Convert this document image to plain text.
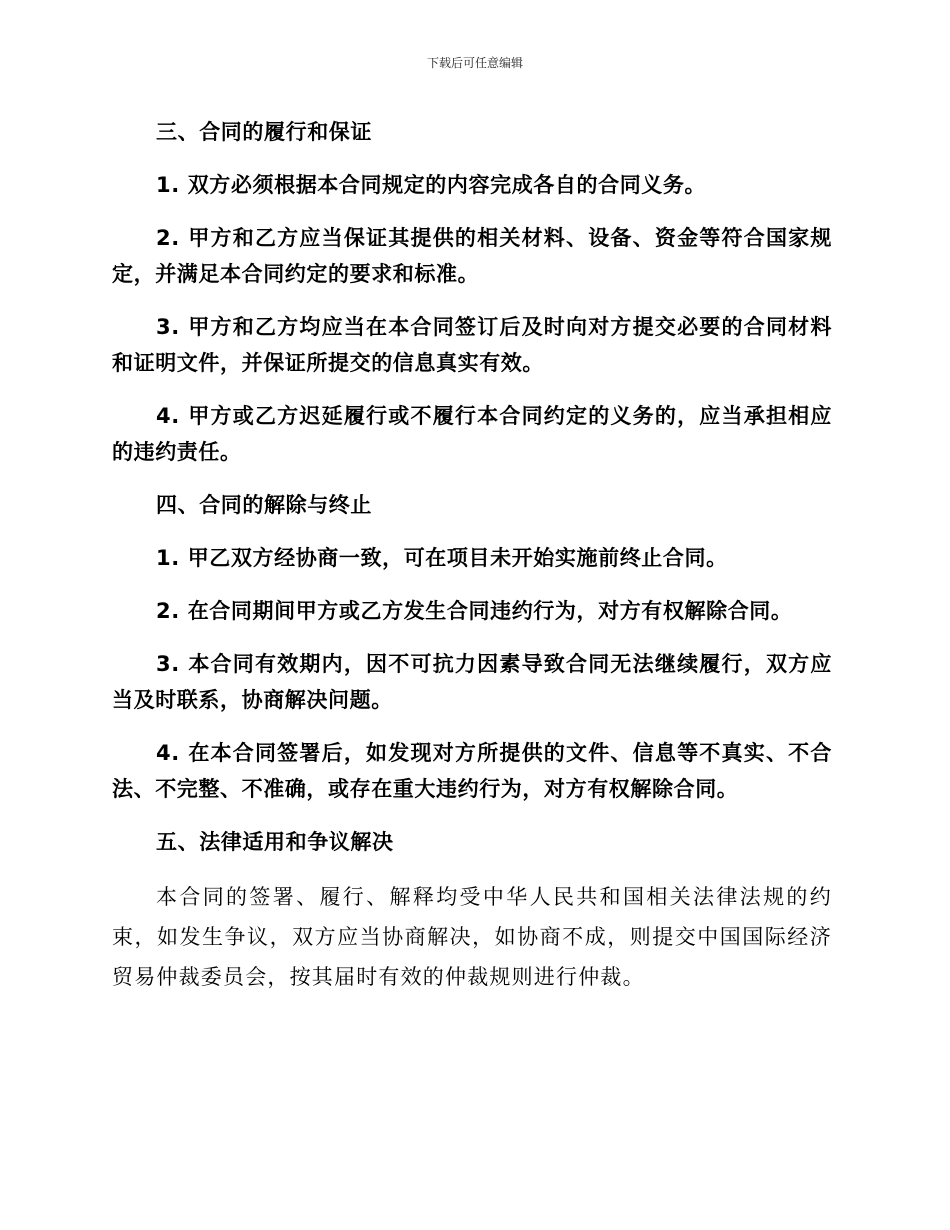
下载后可任意编辑

三、合同的履行和保证

1. 双方必须根据本合同规定的内容完成各自的合同义务。

2. 甲方和乙方应当保证其提供的相关材料、设备、资金等符合国家规定，并满足本合同约定的要求和标准。

3. 甲方和乙方均应当在本合同签订后及时向对方提交必要的合同材料和证明文件，并保证所提交的信息真实有效。

4. 甲方或乙方迟延履行或不履行本合同约定的义务的，应当承担相应的违约责任。

四、合同的解除与终止

1. 甲乙双方经协商一致，可在项目未开始实施前终止合同。

2. 在合同期间甲方或乙方发生合同违约行为，对方有权解除合同。

3. 本合同有效期内，因不可抗力因素导致合同无法继续履行，双方应当及时联系，协商解决问题。

4. 在本合同签署后，如发现对方所提供的文件、信息等不真实、不合法、不完整、不准确，或存在重大违约行为，对方有权解除合同。

五、法律适用和争议解决

本合同的签署、履行、解释均受中华人民共和国相关法律法规的约束，如发生争议，双方应当协商解决，如协商不成，则提交中国国际经济贸易仲裁委员会，按其届时有效的仲裁规则进行仲裁。
